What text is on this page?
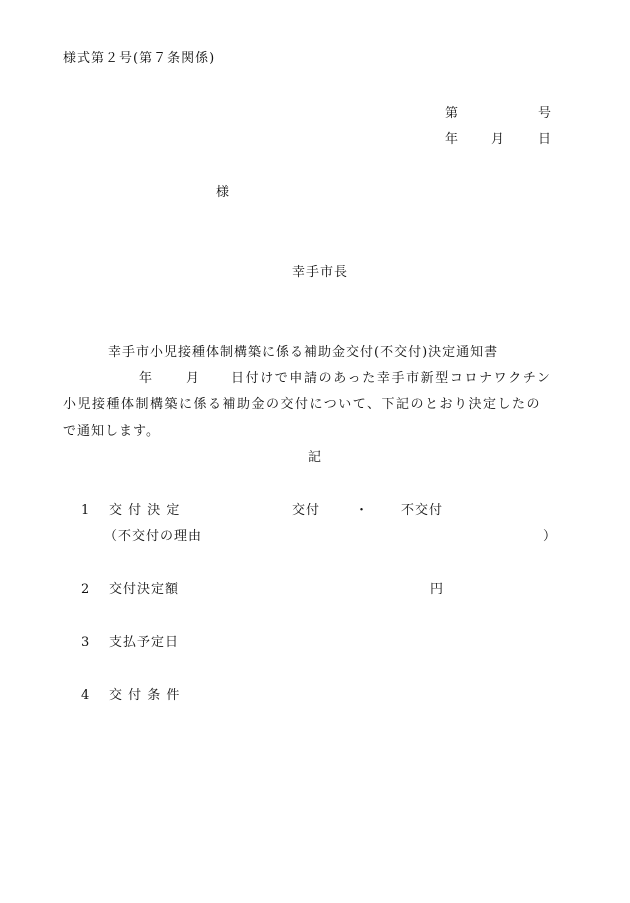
様式第２号(第７条関係)
第	号
年 月	日
様
幸手市長
幸手市小児接種体制構築に係る補助金交付(不交付)決定通知書
年	月 日付けで申請のあった幸手市新型コロナワクチン
小児接種体制構築に係る補助金の交付について、下記のとおり決定したの
で通知します。
記
1 交 付 決 定	交付	・ 不交付
（不交付の理由	）
2 交付決定額	円
3 支払予定日
4 交 付 条 件
